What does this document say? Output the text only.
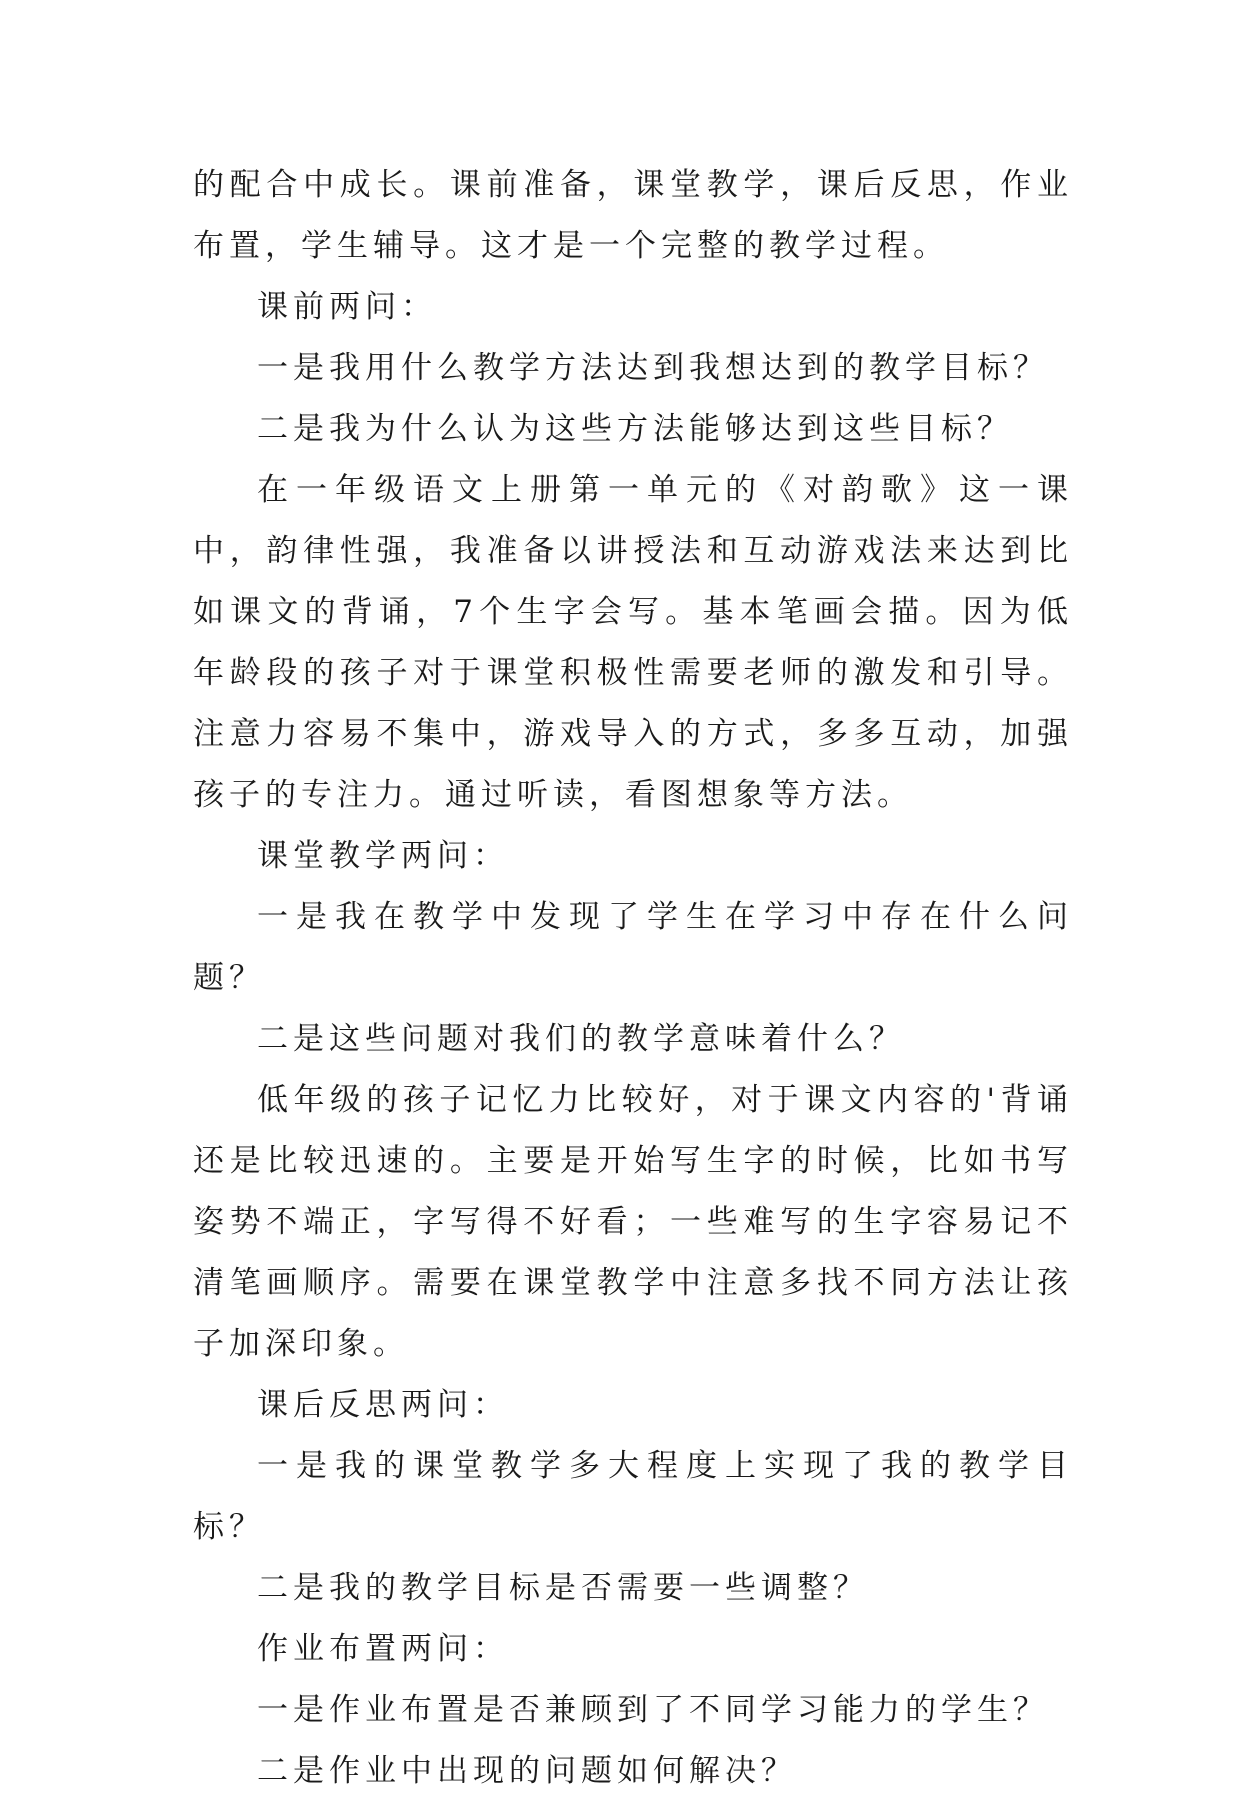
的配合中成长。课前准备，课堂教学，课后反思，作业布置，学生辅导。这才是一个完整的教学过程。

课前两问：

一是我用什么教学方法达到我想达到的教学目标？

二是我为什么认为这些方法能够达到这些目标？

在一年级语文上册第一单元的《对韵歌》这一课中，韵律性强，我准备以讲授法和互动游戏法来达到比如课文的背诵，7个生字会写。基本笔画会描。因为低年龄段的孩子对于课堂积极性需要老师的激发和引导。注意力容易不集中，游戏导入的方式，多多互动，加强孩子的专注力。通过听读，看图想象等方法。

课堂教学两问：

一是我在教学中发现了学生在学习中存在什么问题？

二是这些问题对我们的教学意味着什么？

低年级的孩子记忆力比较好，对于课文内容的'背诵还是比较迅速的。主要是开始写生字的时候，比如书写姿势不端正，字写得不好看；一些难写的生字容易记不清笔画顺序。需要在课堂教学中注意多找不同方法让孩子加深印象。

课后反思两问：

一是我的课堂教学多大程度上实现了我的教学目标？

二是我的教学目标是否需要一些调整？

作业布置两问：

一是作业布置是否兼顾到了不同学习能力的学生？

二是作业中出现的问题如何解决？
